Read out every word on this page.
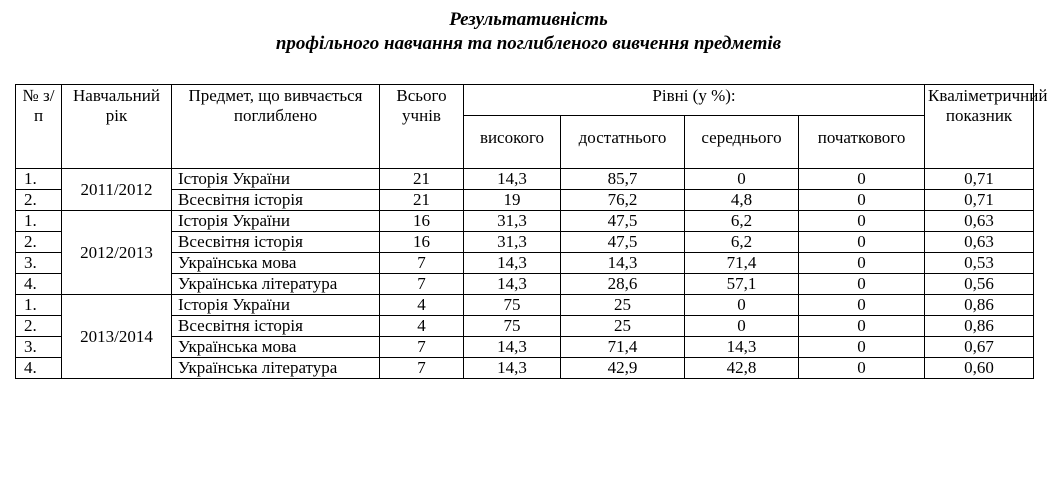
Результативність
профільного навчання та поглибленого вивчення предметів
№ з/п	Навчальний рік	Предмет, що вивчається поглиблено	Всього учнів	Рівні (у %):				Кваліметричний показник
				високого	достатнього	середнього	початкового	
1.	2011/2012	Історія України	21	14,3	85,7	0	0	0,71
2.		Всесвітня історія	21	19	76,2	4,8	0	0,71
1.	2012/2013	Історія України	16	31,3	47,5	6,2	0	0,63
2.		Всесвітня історія	16	31,3	47,5	6,2	0	0,63
3.		Українська мова	7	14,3	14,3	71,4	0	0,53
4.		Українська література	7	14,3	28,6	57,1	0	0,56
1.	2013/2014	Історія України	4	75	25	0	0	0,86
2.		Всесвітня історія	4	75	25	0	0	0,86
3.		Українська мова	7	14,3	71,4	14,3	0	0,67
4.		Українська література	7	14,3	42,9	42,8	0	0,60
